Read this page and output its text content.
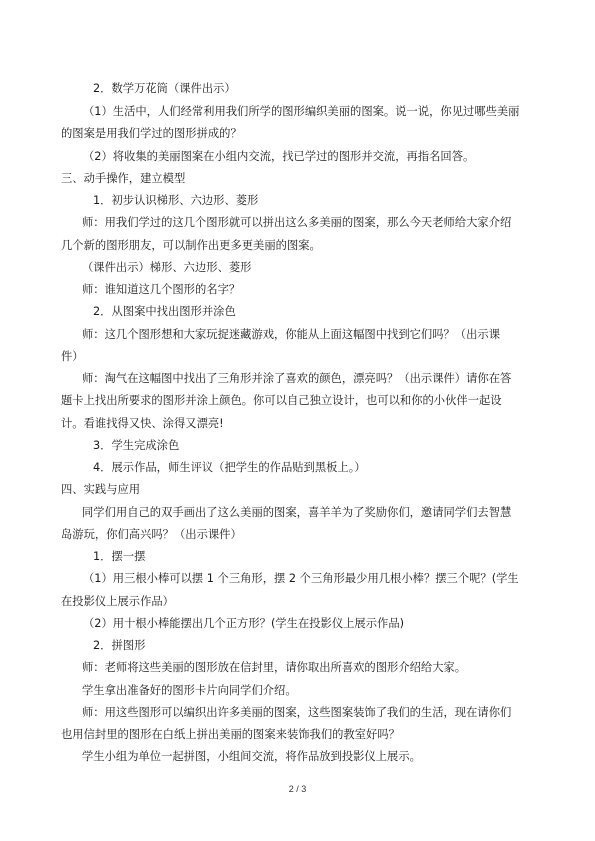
2．数学万花筒（课件出示）
（1）生活中，人们经常利用我们所学的图形编织美丽的图案。说一说，你见过哪些美丽
的图案是用我们学过的图形拼成的？
（2）将收集的美丽图案在小组内交流，找已学过的图形并交流，再指名回答。
三、动手操作，建立模型
1．初步认识梯形、六边形、菱形
师：用我们学过的这几个图形就可以拼出这么多美丽的图案，那么今天老师给大家介绍
几个新的图形朋友，可以制作出更多更美丽的图案。
（课件出示）梯形、六边形、菱形
师：谁知道这几个图形的名字？
2．从图案中找出图形并涂色
师：这几个图形想和大家玩捉迷藏游戏，你能从上面这幅图中找到它们吗？（出示课
件）
师：淘气在这幅图中找出了三角形并涂了喜欢的颜色，漂亮吗？（出示课件）请你在答
题卡上找出所要求的图形并涂上颜色。你可以自己独立设计，也可以和你的小伙伴一起设
计。看谁找得又快、涂得又漂亮!
3．学生完成涂色
4．展示作品，师生评议（把学生的作品贴到黑板上。）
四、实践与应用
同学们用自己的双手画出了这么美丽的图案，喜羊羊为了奖励你们，邀请同学们去智慧
岛游玩，你们高兴吗？（出示课件）
1．摆一摆
（1）用三根小棒可以摆 1 个三角形，摆 2 个三角形最少用几根小棒？摆三个呢？(学生
在投影仪上展示作品）
（2）用十根小棒能摆出几个正方形？(学生在投影仪上展示作品)
2．拼图形
师：老师将这些美丽的图形放在信封里，请你取出所喜欢的图形介绍给大家。
学生拿出准备好的图形卡片向同学们介绍。
师：用这些图形可以编织出许多美丽的图案，这些图案装饰了我们的生活，现在请你们
也用信封里的图形在白纸上拼出美丽的图案来装饰我们的教室好吗？
学生小组为单位一起拼图，小组间交流，将作品放到投影仪上展示。
2 / 3
